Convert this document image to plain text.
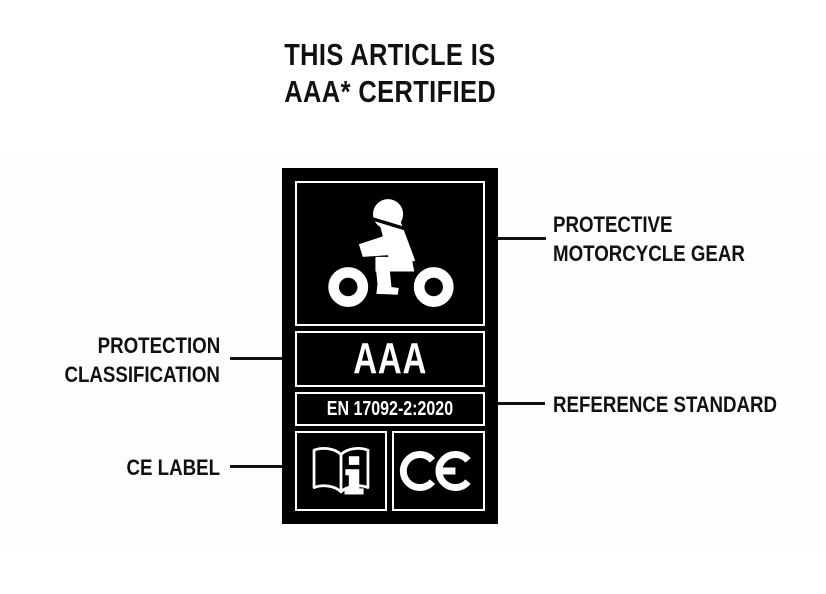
THIS ARTICLE IS
AAA* CERTIFIED
AAA
EN 17092-2:2020
PROTECTIVE
MOTORCYCLE GEAR
PROTECTION
CLASSIFICATION
REFERENCE STANDARD
CE LABEL
